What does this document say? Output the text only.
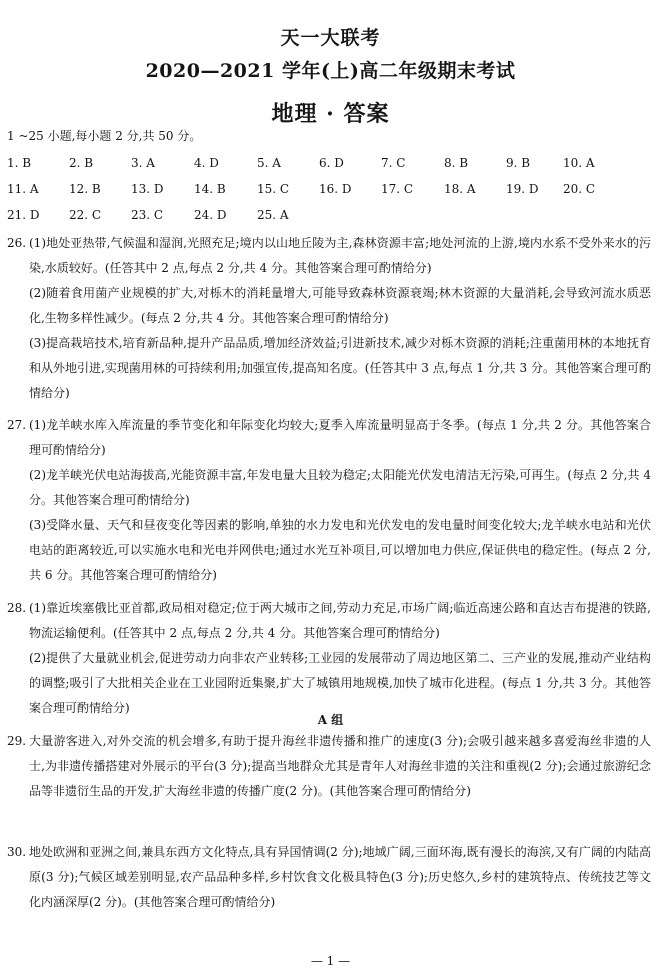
天一大联考
2020—2021 学年(上)高二年级期末考试
地理 · 答案
1 ~25 小题,每小题 2 分,共 50 分。
1. B	2. B	3. A	4. D	5. A	6. D	7. C	8. B	9. B	10. A
11. A	12. B	13. D	14. B	15. C 16. D 17. C	18. A	19. D 20. C
21. D 22. C 23. C	24. D	25. A
26. (1)地处亚热带,气候温和湿润,光照充足;境内以山地丘陵为主,森林资源丰富;地处河流的上游,境内水系不受外来水的污染,水质较好。(任答其中 2 点,每点 2 分,共 4 分。其他答案合理可酌情给分)
(2)随着食用菌产业规模的扩大,对栎木的消耗量增大,可能导致森林资源衰竭;林木资源的大量消耗,会导致河流水质恶化,生物多样性减少。(每点 2 分,共 4 分。其他答案合理可酌情给分)
(3)提高栽培技术,培育新品种,提升产品品质,增加经济效益;引进新技术,减少对栎木资源的消耗;注重菌用林的本地抚育和从外地引进,实现菌用林的可持续利用;加强宣传,提高知名度。(任答其中 3 点,每点 1 分,共 3 分。其他答案合理可酌情给分)
27. (1)龙羊峡水库入库流量的季节变化和年际变化均较大;夏季入库流量明显高于冬季。(每点 1 分,共 2 分。其他答案合理可酌情给分)
(2)龙羊峡光伏电站海拔高,光能资源丰富,年发电量大且较为稳定;太阳能光伏发电清洁无污染,可再生。(每点 2 分,共 4 分。其他答案合理可酌情给分)
(3)受降水量、天气和昼夜变化等因素的影响,单独的水力发电和光伏发电的发电量时间变化较大;龙羊峡水电站和光伏电站的距离较近,可以实施水电和光电并网供电;通过水光互补项目,可以增加电力供应,保证供电的稳定性。(每点 2 分,共 6 分。其他答案合理可酌情给分)
28. (1)靠近埃塞俄比亚首都,政局相对稳定;位于两大城市之间,劳动力充足,市场广阔;临近高速公路和直达吉布提港的铁路,物流运输便利。(任答其中 2 点,每点 2 分,共 4 分。其他答案合理可酌情给分)
(2)提供了大量就业机会,促进劳动力向非农产业转移;工业园的发展带动了周边地区第二、三产业的发展,推动产业结构的调整;吸引了大批相关企业在工业园附近集聚,扩大了城镇用地规模,加快了城市化进程。(每点 1 分,共 3 分。其他答案合理可酌情给分)
A 组
29. 大量游客进入,对外交流的机会增多,有助于提升海丝非遗传播和推广的速度(3 分);会吸引越来越多喜爱海丝非遗的人士,为非遗传播搭建对外展示的平台(3 分);提高当地群众尤其是青年人对海丝非遗的关注和重视(2 分);会通过旅游纪念品等非遗衍生品的开发,扩大海丝非遗的传播广度(2 分)。(其他答案合理可酌情给分)
30. 地处欧洲和亚洲之间,兼具东西方文化特点,具有异国情调(2 分);地域广阔,三面环海,既有漫长的海滨,又有广阔的内陆高原(3 分);气候区域差别明显,农产品品种多样,乡村饮食文化极具特色(3 分);历史悠久,乡村的建筑特点、传统技艺等文化内涵深厚(2 分)。(其他答案合理可酌情给分)
— 1 —
